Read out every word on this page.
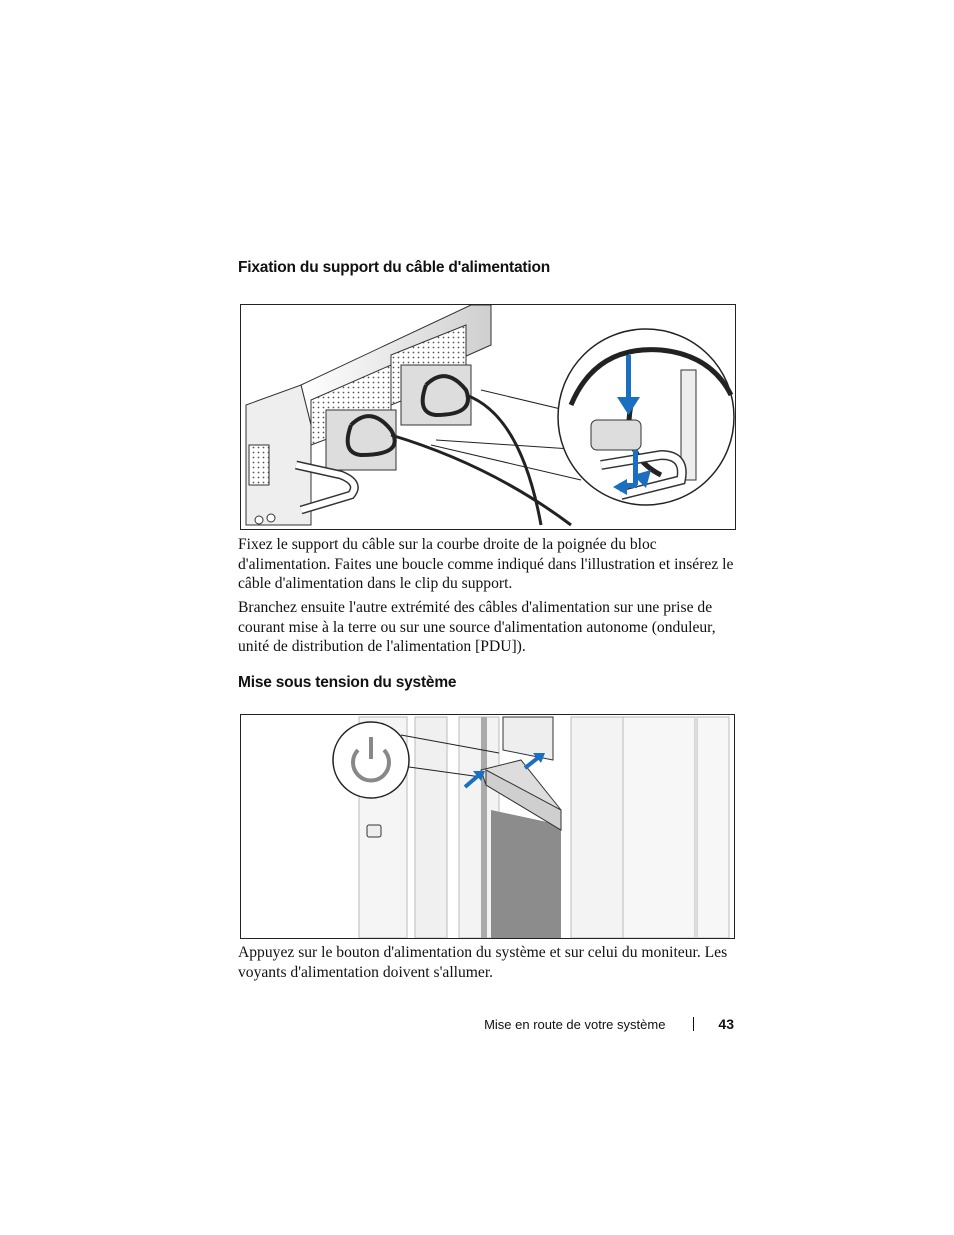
Fixation du support du câble d'alimentation

Fixez le support du câble sur la courbe droite de la poignée du bloc d'alimentation. Faites une boucle comme indiqué dans l'illustration et insérez le câble d'alimentation dans le clip du support.

Branchez ensuite l'autre extrémité des câbles d'alimentation sur une prise de courant mise à la terre ou sur une source d'alimentation autonome (onduleur, unité de distribution de l'alimentation [PDU]).

Mise sous tension du système

Appuyez sur le bouton d'alimentation du système et sur celui du moniteur. Les voyants d'alimentation doivent s'allumer.

Mise en route de votre système	43
